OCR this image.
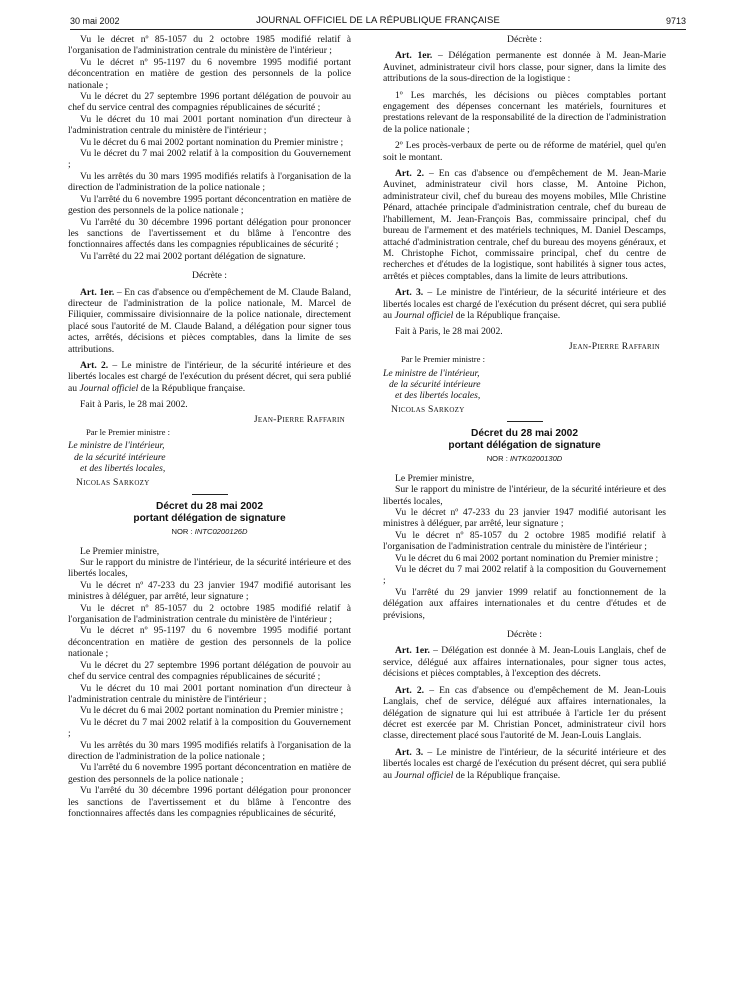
30 mai 2002	JOURNAL OFFICIEL DE LA RÉPUBLIQUE FRANÇAISE	9713

Vu le décret nº 85-1057 du 2 octobre 1985 modifié relatif à l'organisation de l'administration centrale du ministère de l'intérieur ;

Vu le décret nº 95-1197 du 6 novembre 1995 modifié portant déconcentration en matière de gestion des personnels de la police nationale ;

Vu le décret du 27 septembre 1996 portant délégation de pouvoir au chef du service central des compagnies républicaines de sécurité ;

Vu le décret du 10 mai 2001 portant nomination d'un directeur à l'administration centrale du ministère de l'intérieur ;

Vu le décret du 6 mai 2002 portant nomination du Premier ministre ;

Vu le décret du 7 mai 2002 relatif à la composition du Gouvernement ;

Vu les arrêtés du 30 mars 1995 modifiés relatifs à l'organisation de la direction de l'administration de la police nationale ;

Vu l'arrêté du 6 novembre 1995 portant déconcentration en matière de gestion des personnels de la police nationale ;

Vu l'arrêté du 30 décembre 1996 portant délégation pour prononcer les sanctions de l'avertissement et du blâme à l'encontre des fonctionnaires affectés dans les compagnies républicaines de sécurité ;

Vu l'arrêté du 22 mai 2002 portant délégation de signature.

Décrète :

Art. 1er. – En cas d'absence ou d'empêchement de M. Claude Baland, directeur de l'administration de la police nationale, M. Marcel de Filiquier, commissaire divisionnaire de la police nationale, directement placé sous l'autorité de M. Claude Baland, a délégation pour signer tous actes, arrêtés, décisions et pièces comptables, dans la limite de ses attributions.

Art. 2. – Le ministre de l'intérieur, de la sécurité intérieure et des libertés locales est chargé de l'exécution du présent décret, qui sera publié au Journal officiel de la République française.

Fait à Paris, le 28 mai 2002.

Jean-Pierre Raffarin

Par le Premier ministre :

Le ministre de l'intérieur,
de la sécurité intérieure
et des libertés locales,

Nicolas Sarkozy

Décret du 28 mai 2002

portant délégation de signature

NOR : INTC0200126D

Le Premier ministre,

Sur le rapport du ministre de l'intérieur, de la sécurité intérieure et des libertés locales,

Vu le décret nº 47-233 du 23 janvier 1947 modifié autorisant les ministres à déléguer, par arrêté, leur signature ;

Vu le décret nº 85-1057 du 2 octobre 1985 modifié relatif à l'organisation de l'administration centrale du ministère de l'intérieur ;

Vu le décret nº 95-1197 du 6 novembre 1995 modifié portant déconcentration en matière de gestion des personnels de la police nationale ;

Vu le décret du 27 septembre 1996 portant délégation de pouvoir au chef du service central des compagnies républicaines de sécurité ;

Vu le décret du 10 mai 2001 portant nomination d'un directeur à l'administration centrale du ministère de l'intérieur ;

Vu le décret du 6 mai 2002 portant nomination du Premier ministre ;

Vu le décret du 7 mai 2002 relatif à la composition du Gouvernement ;

Vu les arrêtés du 30 mars 1995 modifiés relatifs à l'organisation de la direction de l'administration de la police nationale ;

Vu l'arrêté du 6 novembre 1995 portant déconcentration en matière de gestion des personnels de la police nationale ;

Vu l'arrêté du 30 décembre 1996 portant délégation pour prononcer les sanctions de l'avertissement et du blâme à l'encontre des fonctionnaires affectés dans les compagnies républicaines de sécurité,

Décrète :

Art. 1er. – Délégation permanente est donnée à M. Jean-Marie Auvinet, administrateur civil hors classe, pour signer, dans la limite des attributions de la sous-direction de la logistique :

1º Les marchés, les décisions ou pièces comptables portant engagement des dépenses concernant les matériels, fournitures et prestations relevant de la responsabilité de la direction de l'administration de la police nationale ;

2º Les procès-verbaux de perte ou de réforme de matériel, quel qu'en soit le montant.

Art. 2. – En cas d'absence ou d'empêchement de M. Jean-Marie Auvinet, administrateur civil hors classe, M. Antoine Pichon, administrateur civil, chef du bureau des moyens mobiles, Mlle Christine Pénard, attachée principale d'administration centrale, chef du bureau de l'habillement, M. Jean-François Bas, commissaire principal, chef du bureau de l'armement et des matériels techniques, M. Daniel Descamps, attaché d'administration centrale, chef du bureau des moyens généraux, et M. Christophe Fichot, commissaire principal, chef du centre de recherches et d'études de la logistique, sont habilités à signer tous actes, arrêtés et pièces comptables, dans la limite de leurs attributions.

Art. 3. – Le ministre de l'intérieur, de la sécurité intérieure et des libertés locales est chargé de l'exécution du présent décret, qui sera publié au Journal officiel de la République française.

Fait à Paris, le 28 mai 2002.

Jean-Pierre Raffarin

Par le Premier ministre :

Le ministre de l'intérieur,
de la sécurité intérieure
et des libertés locales,

Nicolas Sarkozy

Décret du 28 mai 2002

portant délégation de signature

NOR : INTK0200130D

Le Premier ministre,

Sur le rapport du ministre de l'intérieur, de la sécurité intérieure et des libertés locales,

Vu le décret nº 47-233 du 23 janvier 1947 modifié autorisant les ministres à déléguer, par arrêté, leur signature ;

Vu le décret nº 85-1057 du 2 octobre 1985 modifié relatif à l'organisation de l'administration centrale du ministère de l'intérieur ;

Vu le décret du 6 mai 2002 portant nomination du Premier ministre ;

Vu le décret du 7 mai 2002 relatif à la composition du Gouvernement ;

Vu l'arrêté du 29 janvier 1999 relatif au fonctionnement de la délégation aux affaires internationales et du centre d'études et de prévisions,

Décrète :

Art. 1er. – Délégation est donnée à M. Jean-Louis Langlais, chef de service, délégué aux affaires internationales, pour signer tous actes, décisions et pièces comptables, à l'exception des décrets.

Art. 2. – En cas d'absence ou d'empêchement de M. Jean-Louis Langlais, chef de service, délégué aux affaires internationales, la délégation de signature qui lui est attribuée à l'article 1er du présent décret est exercée par M. Christian Poncet, administrateur civil hors classe, directement placé sous l'autorité de M. Jean-Louis Langlais.

Art. 3. – Le ministre de l'intérieur, de la sécurité intérieure et des libertés locales est chargé de l'exécution du présent décret, qui sera publié au Journal officiel de la République française.
